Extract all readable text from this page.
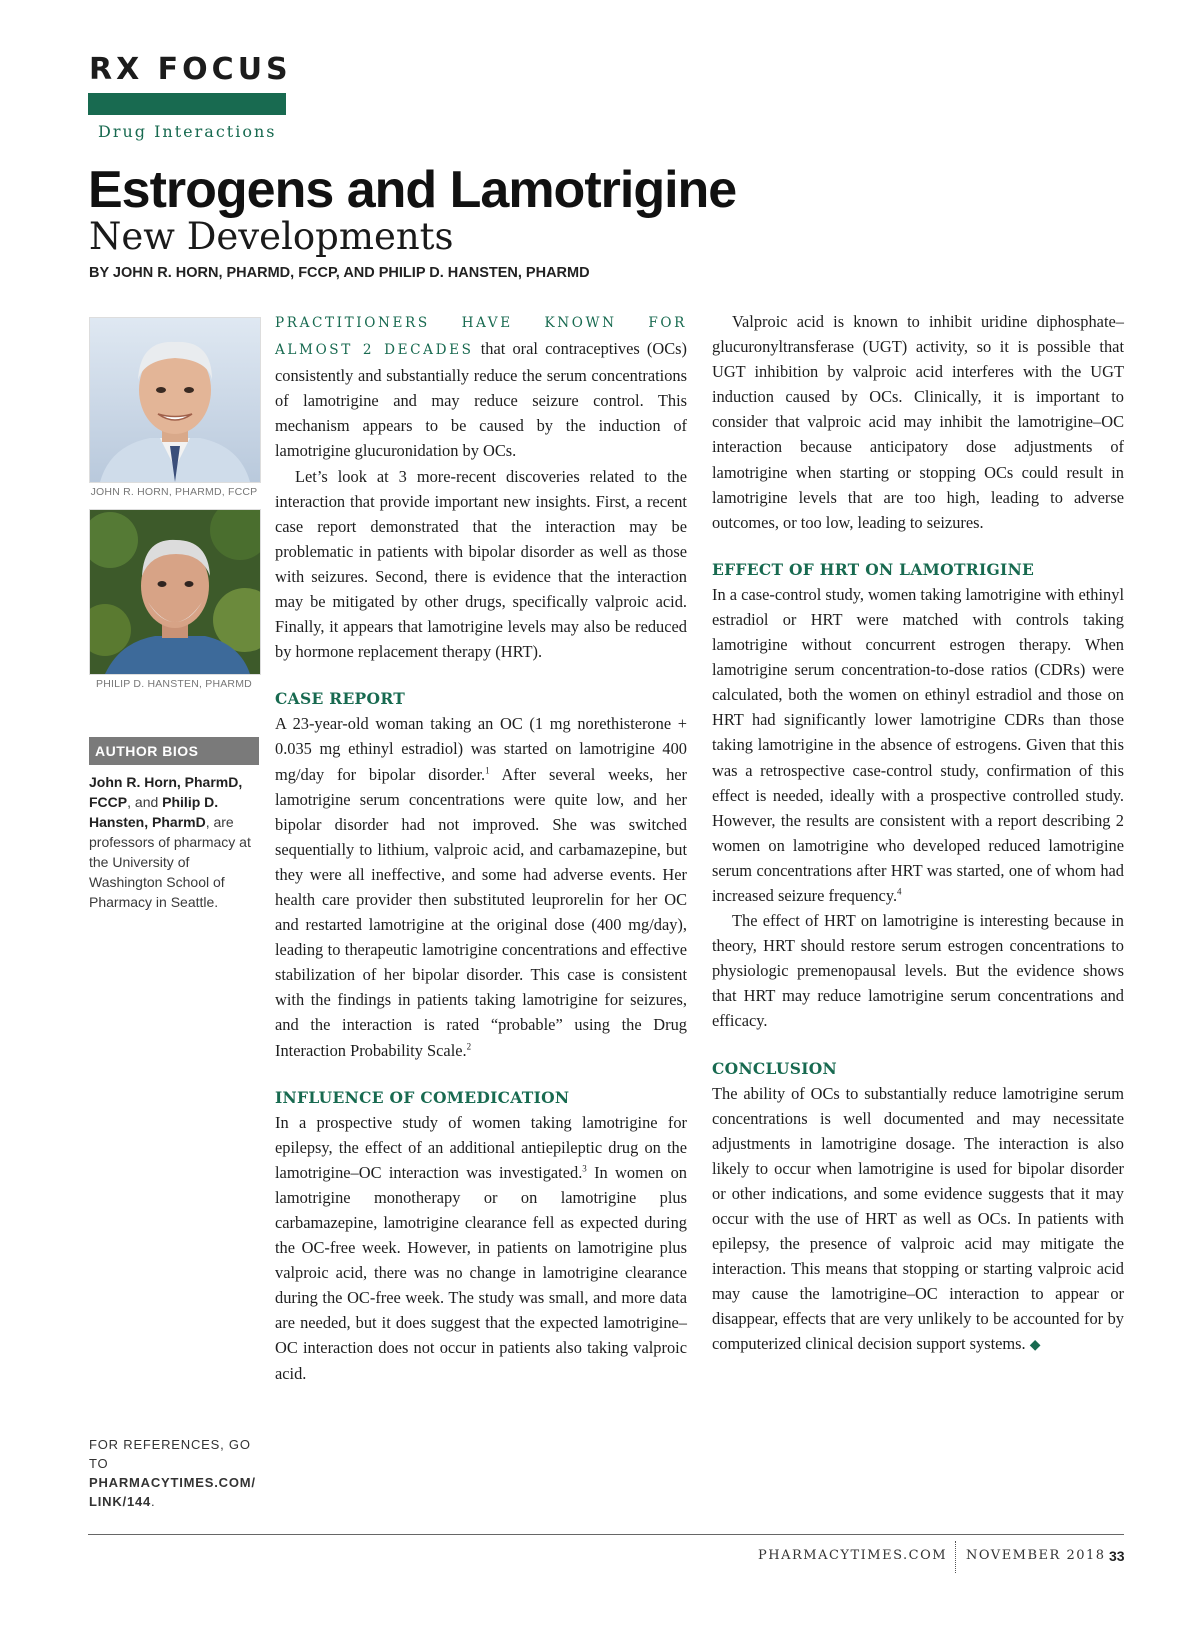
RX FOCUS
Drug Interactions
Estrogens and Lamotrigine
New Developments
BY JOHN R. HORN, PHARMD, FCCP, AND PHILIP D. HANSTEN, PHARMD
JOHN R. HORN, PHARMD, FCCP
PHILIP D. HANSTEN, PHARMD
AUTHOR BIOS
John R. Horn, PharmD, FCCP, and Philip D. Hansten, PharmD, are professors of pharmacy at the University of Washington School of Pharmacy in Seattle.
FOR REFERENCES, GO TO PHARMACYTIMES.COM/ LINK/144.

PRACTITIONERS HAVE KNOWN FOR ALMOST 2 DECADES that oral contraceptives (OCs) consistently and substantially reduce the serum concentrations of lamotrigine and may reduce seizure control. This mechanism appears to be caused by the induction of lamotrigine glucuronidation by OCs.

Let’s look at 3 more-recent discoveries related to the interaction that provide important new insights. First, a recent case report demonstrated that the interaction may be problematic in patients with bipolar disorder as well as those with seizures. Second, there is evidence that the interaction may be mitigated by other drugs, specifically valproic acid. Finally, it appears that lamotrigine levels may also be reduced by hormone replacement therapy (HRT).

CASE REPORT

A 23-year-old woman taking an OC (1 mg norethisterone + 0.035 mg ethinyl estradiol) was started on lamotrigine 400 mg/day for bipolar disorder.$^1$ After several weeks, her lamotrigine serum concentrations were quite low, and her bipolar disorder had not improved. She was switched sequentially to lithium, valproic acid, and carbamazepine, but they were all ineffective, and some had adverse events. Her health care provider then substituted leuprorelin for her OC and restarted lamotrigine at the original dose (400 mg/day), leading to therapeutic lamotrigine concentrations and effective stabilization of her bipolar disorder. This case is consistent with the findings in patients taking lamotrigine for seizures, and the interaction is rated “probable” using the Drug Interaction Probability Scale.$^2$

INFLUENCE OF COMEDICATION

In a prospective study of women taking lamotrigine for epilepsy, the effect of an additional antiepileptic drug on the lamotrigine–OC interaction was investigated.$^3$ In women on lamotrigine monotherapy or on lamotrigine plus carbamazepine, lamotrigine clearance fell as expected during the OC-free week. However, in patients on lamotrigine plus valproic acid, there was no change in lamotrigine clearance during the OC-free week. The study was small, and more data are needed, but it does suggest that the expected lamotrigine–OC interaction does not occur in patients also taking valproic acid.

Valproic acid is known to inhibit uridine diphosphate–glucuronyltransferase (UGT) activity, so it is possible that UGT inhibition by valproic acid interferes with the UGT induction caused by OCs. Clinically, it is important to consider that valproic acid may inhibit the lamotrigine–OC interaction because anticipatory dose adjustments of lamotrigine when starting or stopping OCs could result in lamotrigine levels that are too high, leading to adverse outcomes, or too low, leading to seizures.

EFFECT OF HRT ON LAMOTRIGINE

In a case-control study, women taking lamotrigine with ethinyl estradiol or HRT were matched with controls taking lamotrigine without concurrent estrogen therapy. When lamotrigine serum concentration-to-dose ratios (CDRs) were calculated, both the women on ethinyl estradiol and those on HRT had significantly lower lamotrigine CDRs than those taking lamotrigine in the absence of estrogens. Given that this was a retrospective case-control study, confirmation of this effect is needed, ideally with a prospective controlled study. However, the results are consistent with a report describing 2 women on lamotrigine who developed reduced lamotrigine serum concentrations after HRT was started, one of whom had increased seizure frequency.$^4$

The effect of HRT on lamotrigine is interesting because in theory, HRT should restore serum estrogen concentrations to physiologic premenopausal levels. But the evidence shows that HRT may reduce lamotrigine serum concentrations and efficacy.

CONCLUSION

The ability of OCs to substantially reduce lamotrigine serum concentrations is well documented and may necessitate adjustments in lamotrigine dosage. The interaction is also likely to occur when lamotrigine is used for bipolar disorder or other indications, and some evidence suggests that it may occur with the use of HRT as well as OCs. In patients with epilepsy, the presence of valproic acid may mitigate the interaction. This means that stopping or starting valproic acid may cause the lamotrigine–OC interaction to appear or disappear, effects that are very unlikely to be accounted for by computerized clinical decision support systems. ◆

PHARMACYTIMES.COM NOVEMBER 2018 33
